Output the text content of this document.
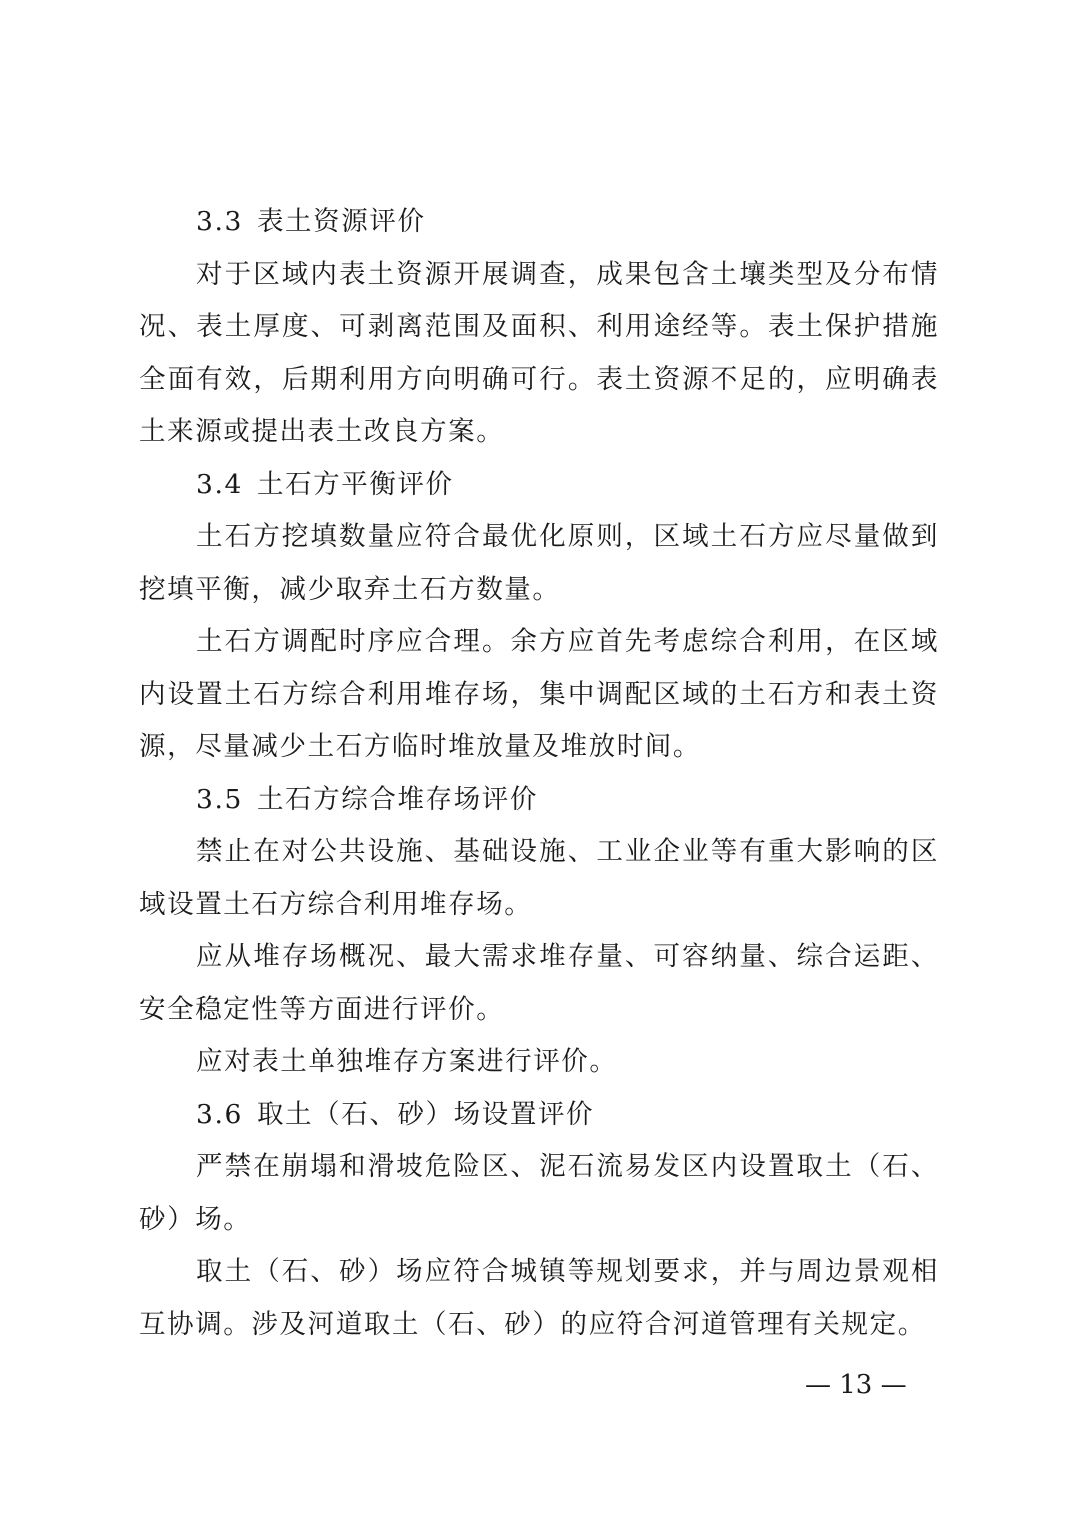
3.3 表土资源评价

对于区域内表土资源开展调查，成果包含土壤类型及分布情况、表土厚度、可剥离范围及面积、利用途经等。表土保护措施全面有效，后期利用方向明确可行。表土资源不足的，应明确表土来源或提出表土改良方案。

3.4 土石方平衡评价

土石方挖填数量应符合最优化原则，区域土石方应尽量做到挖填平衡，减少取弃土石方数量。

土石方调配时序应合理。余方应首先考虑综合利用，在区域内设置土石方综合利用堆存场，集中调配区域的土石方和表土资源，尽量减少土石方临时堆放量及堆放时间。

3.5 土石方综合堆存场评价

禁止在对公共设施、基础设施、工业企业等有重大影响的区域设置土石方综合利用堆存场。

应从堆存场概况、最大需求堆存量、可容纳量、综合运距、安全稳定性等方面进行评价。

应对表土单独堆存方案进行评价。

3.6 取土（石、砂）场设置评价

严禁在崩塌和滑坡危险区、泥石流易发区内设置取土（石、砂）场。

取土（石、砂）场应符合城镇等规划要求，并与周边景观相互协调。涉及河道取土（石、砂）的应符合河道管理有关规定。

— 13 —
